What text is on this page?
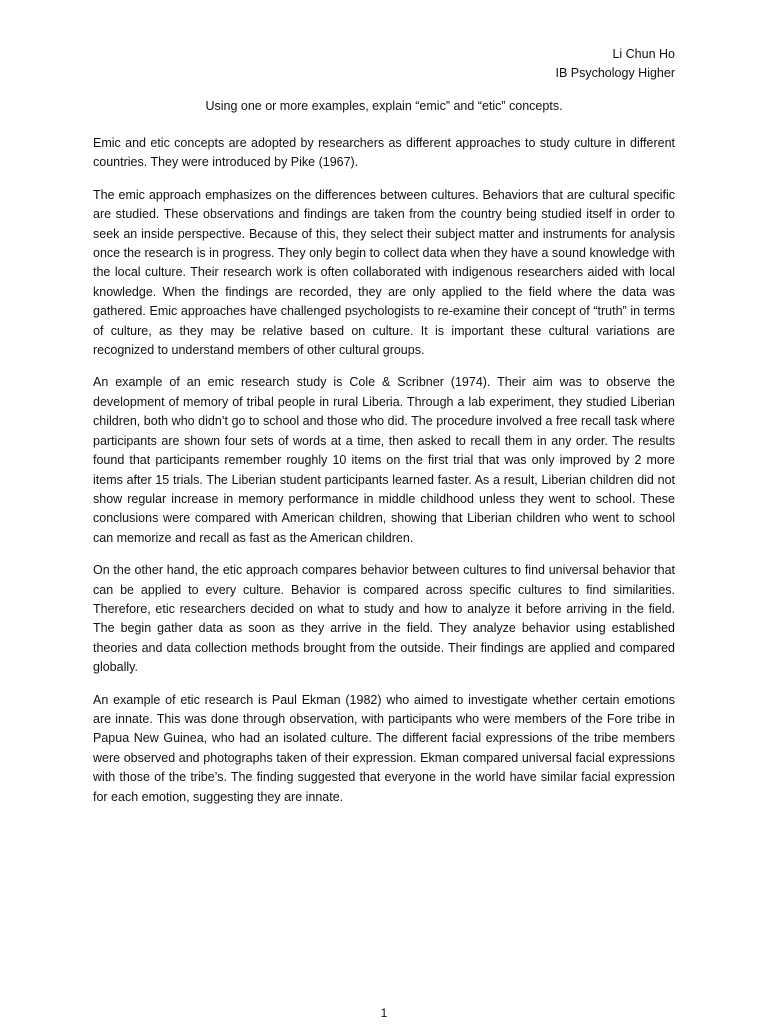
Li Chun Ho
IB Psychology Higher
Using one or more examples, explain “emic” and “etic” concepts.

Emic and etic concepts are adopted by researchers as different approaches to study culture in different countries. They were introduced by Pike (1967).

The emic approach emphasizes on the differences between cultures. Behaviors that are cultural specific are studied. These observations and findings are taken from the country being studied itself in order to seek an inside perspective. Because of this, they select their subject matter and instruments for analysis once the research is in progress. They only begin to collect data when they have a sound knowledge with the local culture. Their research work is often collaborated with indigenous researchers aided with local knowledge. When the findings are recorded, they are only applied to the field where the data was gathered. Emic approaches have challenged psychologists to re-examine their concept of “truth” in terms of culture, as they may be relative based on culture. It is important these cultural variations are recognized to understand members of other cultural groups.

An example of an emic research study is Cole & Scribner (1974). Their aim was to observe the development of memory of tribal people in rural Liberia. Through a lab experiment, they studied Liberian children, both who didn’t go to school and those who did. The procedure involved a free recall task where participants are shown four sets of words at a time, then asked to recall them in any order. The results found that participants remember roughly 10 items on the first trial that was only improved by 2 more items after 15 trials. The Liberian student participants learned faster. As a result, Liberian children did not show regular increase in memory performance in middle childhood unless they went to school. These conclusions were compared with American children, showing that Liberian children who went to school can memorize and recall as fast as the American children.

On the other hand, the etic approach compares behavior between cultures to find universal behavior that can be applied to every culture. Behavior is compared across specific cultures to find similarities. Therefore, etic researchers decided on what to study and how to analyze it before arriving in the field. The begin gather data as soon as they arrive in the field. They analyze behavior using established theories and data collection methods brought from the outside. Their findings are applied and compared globally.

An example of etic research is Paul Ekman (1982) who aimed to investigate whether certain emotions are innate. This was done through observation, with participants who were members of the Fore tribe in Papua New Guinea, who had an isolated culture. The different facial expressions of the tribe members were observed and photographs taken of their expression. Ekman compared universal facial expressions with those of the tribe’s. The finding suggested that everyone in the world have similar facial expression for each emotion, suggesting they are innate.

1
